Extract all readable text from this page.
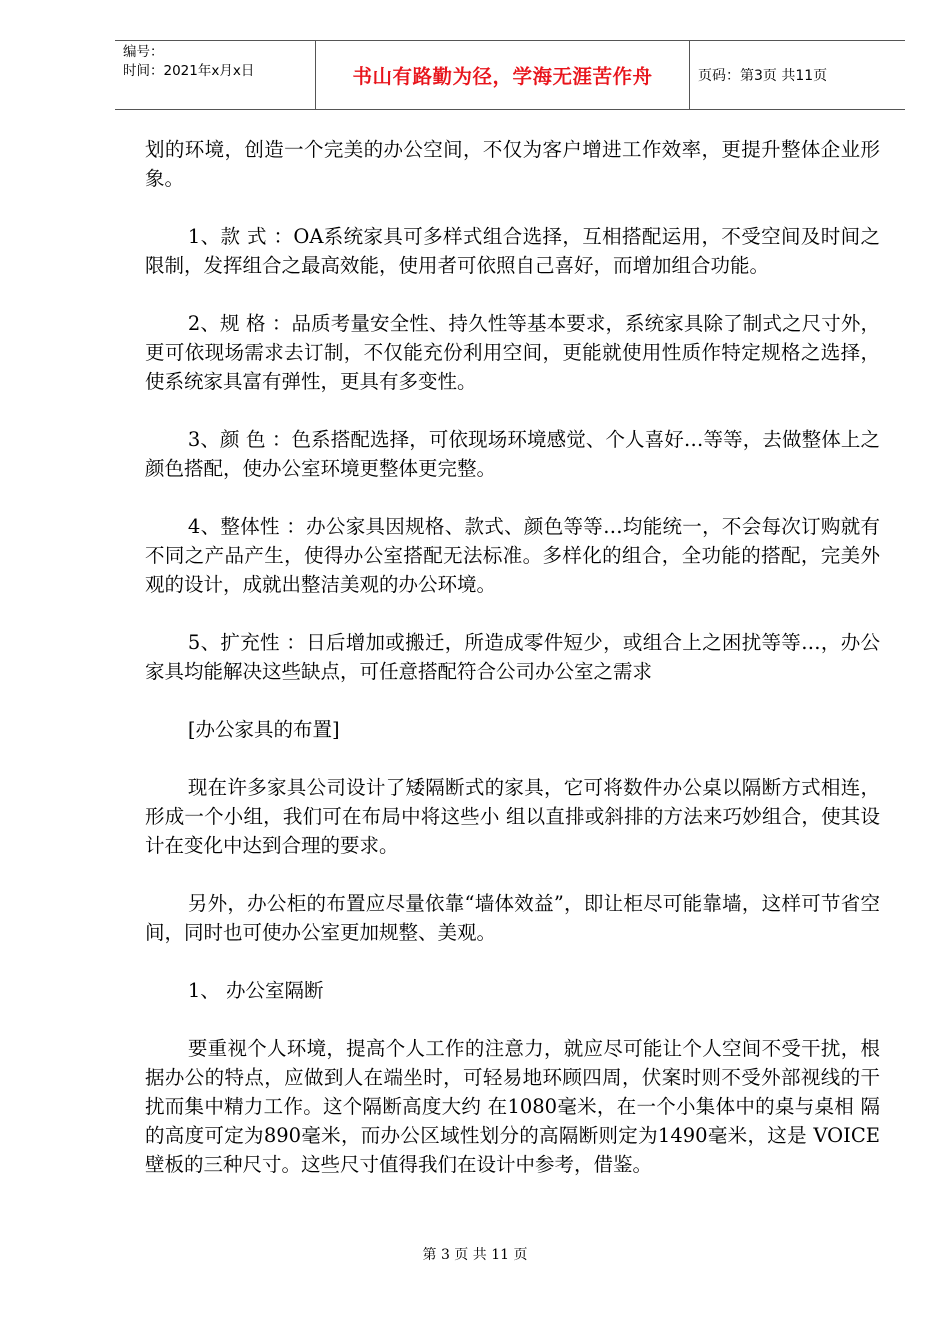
编号：
时间：2021年x月x日	书山有路勤为径，学海无涯苦作舟	页码：第3页 共11页

划的环境，创造一个完美的办公空间，不仅为客户增进工作效率，更提升整体企业形象。

1、款 式 ：OA系统家具可多样式组合选择，互相搭配运用，不受空间及时间之限制，发挥组合之最高效能，使用者可依照自己喜好，而增加组合功能。

2、规 格 ：品质考量安全性、持久性等基本要求，系统家具除了制式之尺寸外，更可依现场需求去订制，不仅能充份利用空间，更能就使用性质作特定规格之选择，使系统家具富有弹性，更具有多变性。

3、颜 色 ：色系搭配选择，可依现场环境感觉、个人喜好…等等，去做整体上之颜色搭配，使办公室环境更整体更完整。

4、整体性 ：办公家具因规格、款式、颜色等等…均能统一，不会每次订购就有不同之产品产生，使得办公室搭配无法标准。多样化的组合，全功能的搭配，完美外观的设计，成就出整洁美观的办公环境。

5、扩充性 ：日后增加或搬迁，所造成零件短少，或组合上之困扰等等…，办公家具均能解决这些缺点，可任意搭配符合公司办公室之需求

[办公家具的布置]

现在许多家具公司设计了矮隔断式的家具，它可将数件办公桌以隔断方式相连， 形成一个小组，我们可在布局中将这些小 组以直排或斜排的方法来巧妙组合，使其设计在变化中达到合理的要求。

另外，办公柜的布置应尽量依靠“墙体效益”，即让柜尽可能靠墙，这样可节省空间，同时也可使办公室更加规整、美观。

1、 办公室隔断

要重视个人环境，提高个人工作的注意力，就应尽可能让个人空间不受干扰，根据办公的特点，应做到人在端坐时，可轻易地环顾四周，伏案时则不受外部视线的干扰而集中精力工作。这个隔断高度大约 在1080毫米，在一个小集体中的桌与桌相 隔的高度可定为890毫米，而办公区域性划分的高隔断则定为1490毫米，这是 VOICE壁板的三种尺寸。这些尺寸值得我们在设计中参考，借鉴。

第 3 页 共 11 页
